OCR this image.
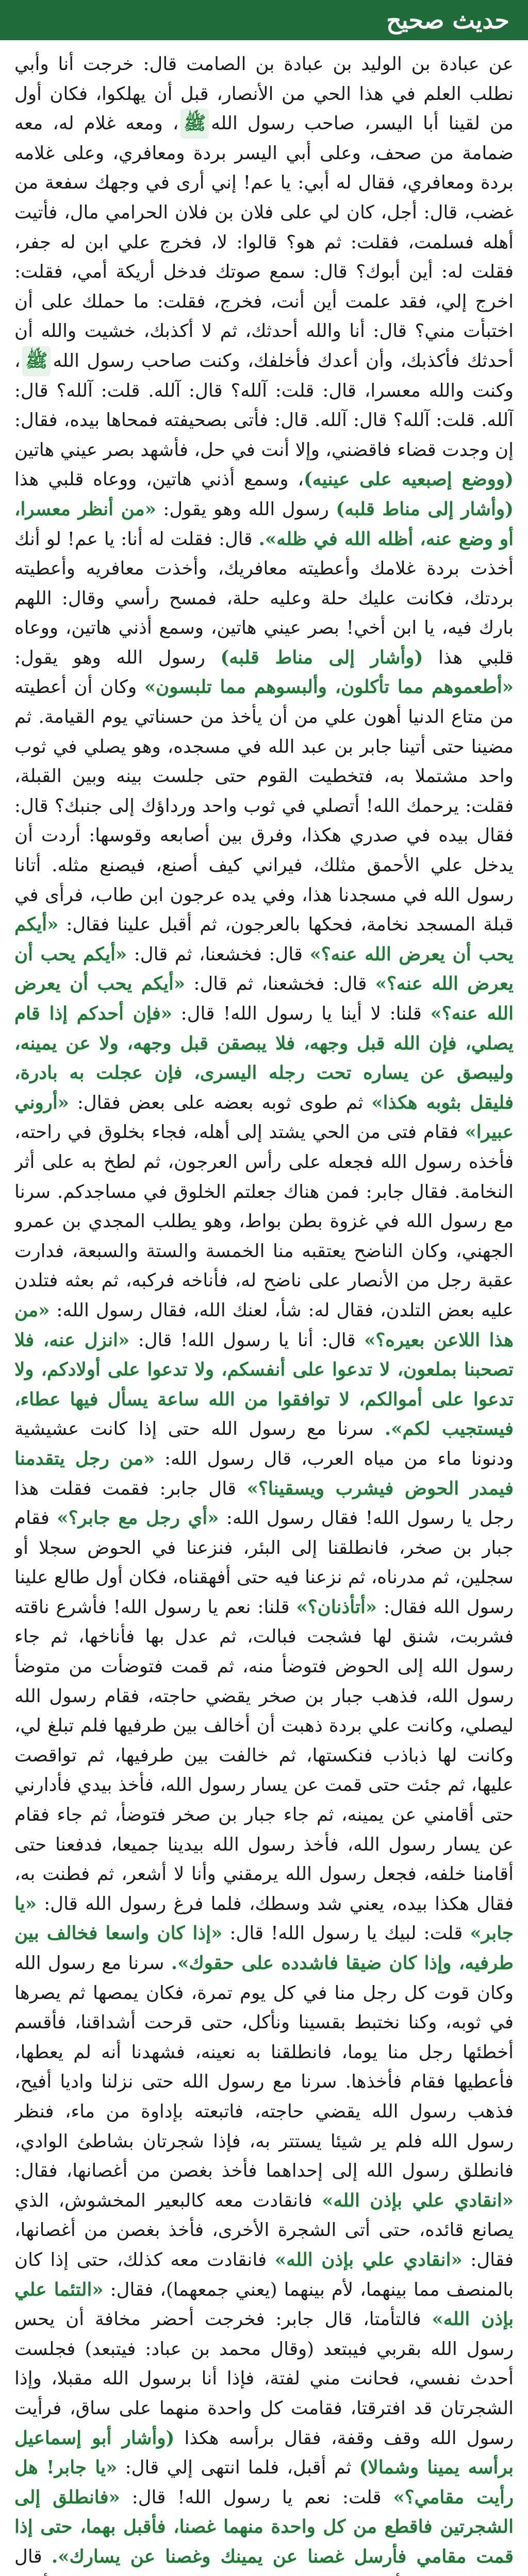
حديث صحيح

عن عبادة بن الوليد بن عبادة بن الصامت قال: خرجت أنا وأبي نطلب العلم في هذا الحي من الأنصار، قبل أن يهلكوا، فكان أول من لقينا أبا اليسر، صاحب رسول اللهﷺ، ومعه غلام له، معه ضمامة من صحف، وعلى أبي اليسر بردة ومعافري، وعلى غلامه بردة ومعافري، فقال له أبي: يا عم! إني أرى في وجهك سفعة من غضب، قال: أجل، كان لي على فلان بن فلان الحرامي مال، فأتيت أهله فسلمت، فقلت: ثم هو؟ قالوا: لا، فخرج علي ابن له جفر، فقلت له: أين أبوك؟ قال: سمع صوتك فدخل أريكة أمي، فقلت: اخرج إلي، فقد علمت أين أنت، فخرج، فقلت: ما حملك على أن اختبأت مني؟ قال: أنا والله أحدثك، ثم لا أكذبك، خشيت والله أن أحدثك فأكذبك، وأن أعدك فأخلفك، وكنت صاحب رسول اللهﷺ، وكنت والله معسرا، قال: قلت: آلله؟ قال: آلله. قلت: آلله؟ قال: آلله. قلت: آلله؟ قال: آلله. قال: فأتى بصحيفته فمحاها بيده، فقال: إن وجدت قضاء فاقضني، وإلا أنت في حل، فأشهد بصر عيني هاتين (ووضع إصبعيه على عينيه)، وسمع أذني هاتين، ووعاه قلبي هذا (وأشار إلى مناط قلبه) رسول الله وهو يقول: «من أنظر معسرا، أو وضع عنه، أظله الله في ظله». قال: فقلت له أنا: يا عم! لو أنك أخذت بردة غلامك وأعطيته معافريك، وأخذت معافريه وأعطيته بردتك، فكانت عليك حلة وعليه حلة، فمسح رأسي وقال: اللهم بارك فيه، يا ابن أخي! بصر عيني هاتين، وسمع أذني هاتين، ووعاه قلبي هذا (وأشار إلى مناط قلبه) رسول الله وهو يقول: «أطعموهم مما تأكلون، وألبسوهم مما تلبسون» وكان أن أعطيته من متاع الدنيا أهون علي من أن يأخذ من حسناتي يوم القيامة. ثم مضينا حتى أتينا جابر بن عبد الله في مسجده، وهو يصلي في ثوب واحد مشتملا به، فتخطيت القوم حتى جلست بينه وبين القبلة، فقلت: يرحمك الله! أتصلي في ثوب واحد ورداؤك إلى جنبك؟ قال: فقال بيده في صدري هكذا، وفرق بين أصابعه وقوسها: أردت أن يدخل علي الأحمق مثلك، فيراني كيف أصنع، فيصنع مثله. أتانا رسول الله في مسجدنا هذا، وفي يده عرجون ابن طاب، فرأى في قبلة المسجد نخامة، فحكها بالعرجون، ثم أقبل علينا فقال: «أيكم يحب أن يعرض الله عنه؟» قال: فخشعنا، ثم قال: «أيكم يحب أن يعرض الله عنه؟» قال: فخشعنا، ثم قال: «أيكم يحب أن يعرض الله عنه؟» قلنا: لا أينا يا رسول الله! قال: «فإن أحدكم إذا قام يصلي، فإن الله قبل وجهه، فلا يبصقن قبل وجهه، ولا عن يمينه، وليبصق عن يساره تحت رجله اليسرى، فإن عجلت به بادرة، فليقل بثوبه هكذا» ثم طوى ثوبه بعضه على بعض فقال: «أروني عبيرا» فقام فتى من الحي يشتد إلى أهله، فجاء بخلوق في راحته، فأخذه رسول الله فجعله على رأس العرجون، ثم لطخ به على أثر النخامة. فقال جابر: فمن هناك جعلتم الخلوق في مساجدكم. سرنا مع رسول الله في غزوة بطن بواط، وهو يطلب المجدي بن عمرو الجهني، وكان الناضح يعتقبه منا الخمسة والستة والسبعة، فدارت عقبة رجل من الأنصار على ناضح له، فأناخه فركبه، ثم بعثه فتلدن عليه بعض التلدن، فقال له: شأ، لعنك الله، فقال رسول الله: «من هذا اللاعن بعيره؟» قال: أنا يا رسول الله! قال: «انزل عنه، فلا تصحبنا بملعون، لا تدعوا على أنفسكم، ولا تدعوا على أولادكم، ولا تدعوا على أموالكم، لا توافقوا من الله ساعة يسأل فيها عطاء، فيستجيب لكم». سرنا مع رسول الله حتى إذا كانت عشيشية ودنونا ماء من مياه العرب، قال رسول الله: «من رجل يتقدمنا فيمدر الحوض فيشرب ويسقينا؟» قال جابر: فقمت فقلت هذا رجل يا رسول الله! فقال رسول الله: «أي رجل مع جابر؟» فقام جبار بن صخر، فانطلقنا إلى البئر، فنزعنا في الحوض سجلا أو سجلين، ثم مدرناه، ثم نزعنا فيه حتى أفهقناه، فكان أول طالع علينا رسول الله فقال: «أتأذنان؟» قلنا: نعم يا رسول الله! فأشرع ناقته فشربت، شنق لها فشجت فبالت، ثم عدل بها فأناخها، ثم جاء رسول الله إلى الحوض فتوضأ منه، ثم قمت فتوضأت من متوضأ رسول الله، فذهب جبار بن صخر يقضي حاجته، فقام رسول الله ليصلي، وكانت علي بردة ذهبت أن أخالف بين طرفيها فلم تبلغ لي، وكانت لها ذباذب فنكستها، ثم خالفت بين طرفيها، ثم تواقصت عليها، ثم جئت حتى قمت عن يسار رسول الله، فأخذ بيدي فأدارني حتى أقامني عن يمينه، ثم جاء جبار بن صخر فتوضأ، ثم جاء فقام عن يسار رسول الله، فأخذ رسول الله بيدينا جميعا، فدفعنا حتى أقامنا خلفه، فجعل رسول الله يرمقني وأنا لا أشعر، ثم فطنت به، فقال هكذا بيده، يعني شد وسطك، فلما فرغ رسول الله قال: «يا جابر» قلت: لبيك يا رسول الله! قال: «إذا كان واسعا فخالف بين طرفيه، وإذا كان ضيقا فاشدده على حقوك». سرنا مع رسول الله وكان قوت كل رجل منا في كل يوم تمرة، فكان يمصها ثم يصرها في ثوبه، وكنا نختبط بقسينا ونأكل، حتى قرحت أشداقنا، فأقسم أخطئها رجل منا يوما، فانطلقنا به نعينه، فشهدنا أنه لم يعطها، فأعطيها فقام فأخذها. سرنا مع رسول الله حتى نزلنا واديا أفيح، فذهب رسول الله يقضي حاجته، فاتبعته بإداوة من ماء، فنظر رسول الله فلم ير شيئا يستتر به، فإذا شجرتان بشاطئ الوادي، فانطلق رسول الله إلى إحداهما فأخذ بغصن من أغصانها، فقال: «انقادي علي بإذن الله» فانقادت معه كالبعير المخشوش، الذي يصانع قائده، حتى أتى الشجرة الأخرى، فأخذ بغصن من أغصانها، فقال: «انقادي علي بإذن الله» فانقادت معه كذلك، حتى إذا كان بالمنصف مما بينهما، لأم بينهما (يعني جمعهما)، فقال: «التئما علي بإذن الله» فالتأمتا، قال جابر: فخرجت أحضر مخافة أن يحس رسول الله بقربي فيبتعد (وقال محمد بن عباد: فيتبعد) فجلست أحدث نفسي، فحانت مني لفتة، فإذا أنا برسول الله مقبلا، وإذا الشجرتان قد افترقتا، فقامت كل واحدة منهما على ساق، فرأيت رسول الله وقف وقفة، فقال برأسه هكذا (وأشار أبو إسماعيل برأسه يمينا وشمالا) ثم أقبل، فلما انتهى إلي قال: «يا جابر! هل رأيت مقامي؟» قلت: نعم يا رسول الله! قال: «فانطلق إلى الشجرتين فاقطع من كل واحدة منهما غصنا، فأقبل بهما، حتى إذا قمت مقامي فأرسل غصنا عن يمينك وغصنا عن يسارك». قال
